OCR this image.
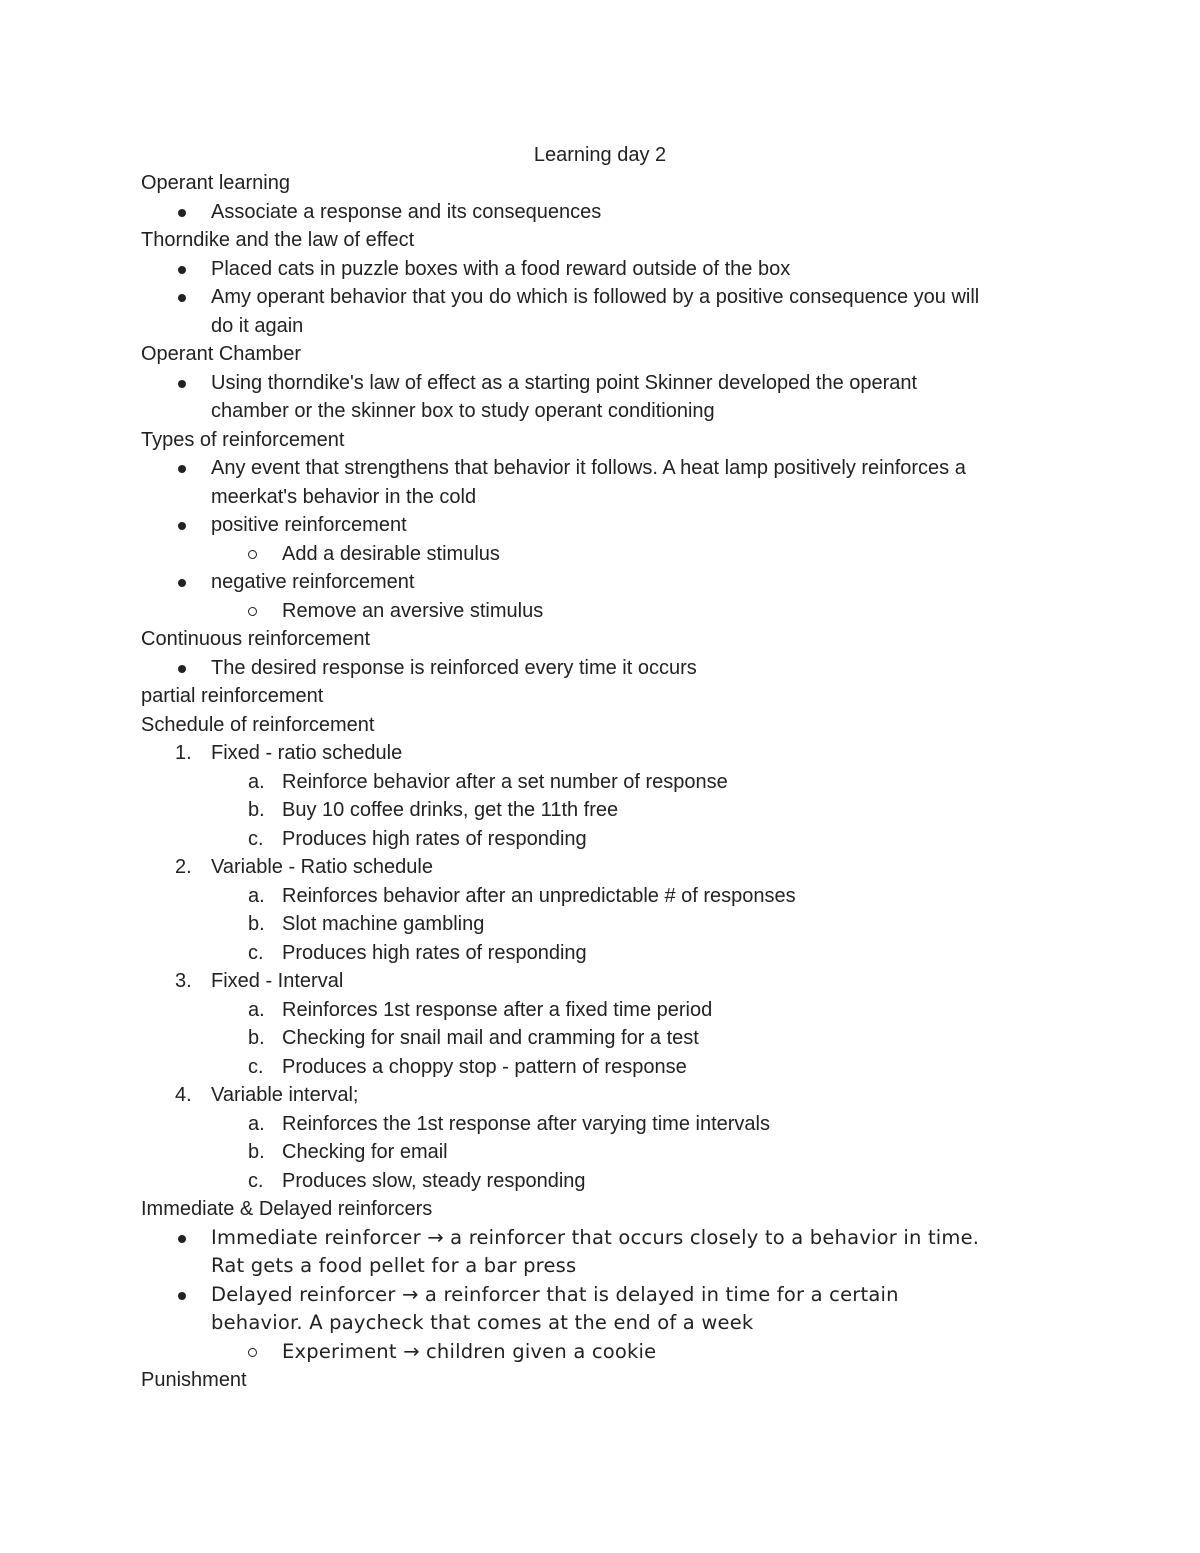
Learning day 2
Operant learning
Associate a response and its consequences
Thorndike and the law of effect
Placed cats in puzzle boxes with a food reward outside of the box
Amy operant behavior that you do which is followed by a positive consequence you will
do it again
Operant Chamber
Using thorndike's law of effect as a starting point Skinner developed the operant
chamber or the skinner box to study operant conditioning
Types of reinforcement
Any event that strengthens that behavior it follows. A heat lamp positively reinforces a
meerkat's behavior in the cold
positive reinforcement
Add a desirable stimulus
negative reinforcement
Remove an aversive stimulus
Continuous reinforcement
The desired response is reinforced every time it occurs
partial reinforcement
Schedule of reinforcement
1. Fixed - ratio schedule
a. Reinforce behavior after a set number of response
b. Buy 10 coffee drinks, get the 11th free
c. Produces high rates of responding
2. Variable - Ratio schedule
a. Reinforces behavior after an unpredictable # of responses
b. Slot machine gambling
c. Produces high rates of responding
3. Fixed - Interval
a. Reinforces 1st response after a fixed time period
b. Checking for snail mail and cramming for a test
c. Produces a choppy stop - pattern of response
4. Variable interval;
a. Reinforces the 1st response after varying time intervals
b. Checking for email
c. Produces slow, steady responding
Immediate & Delayed reinforcers
Immediate reinforcer → a reinforcer that occurs closely to a behavior in time.
Rat gets a food pellet for a bar press
Delayed reinforcer → a reinforcer that is delayed in time for a certain
behavior. A paycheck that comes at the end of a week
Experiment → children given a cookie
Punishment
